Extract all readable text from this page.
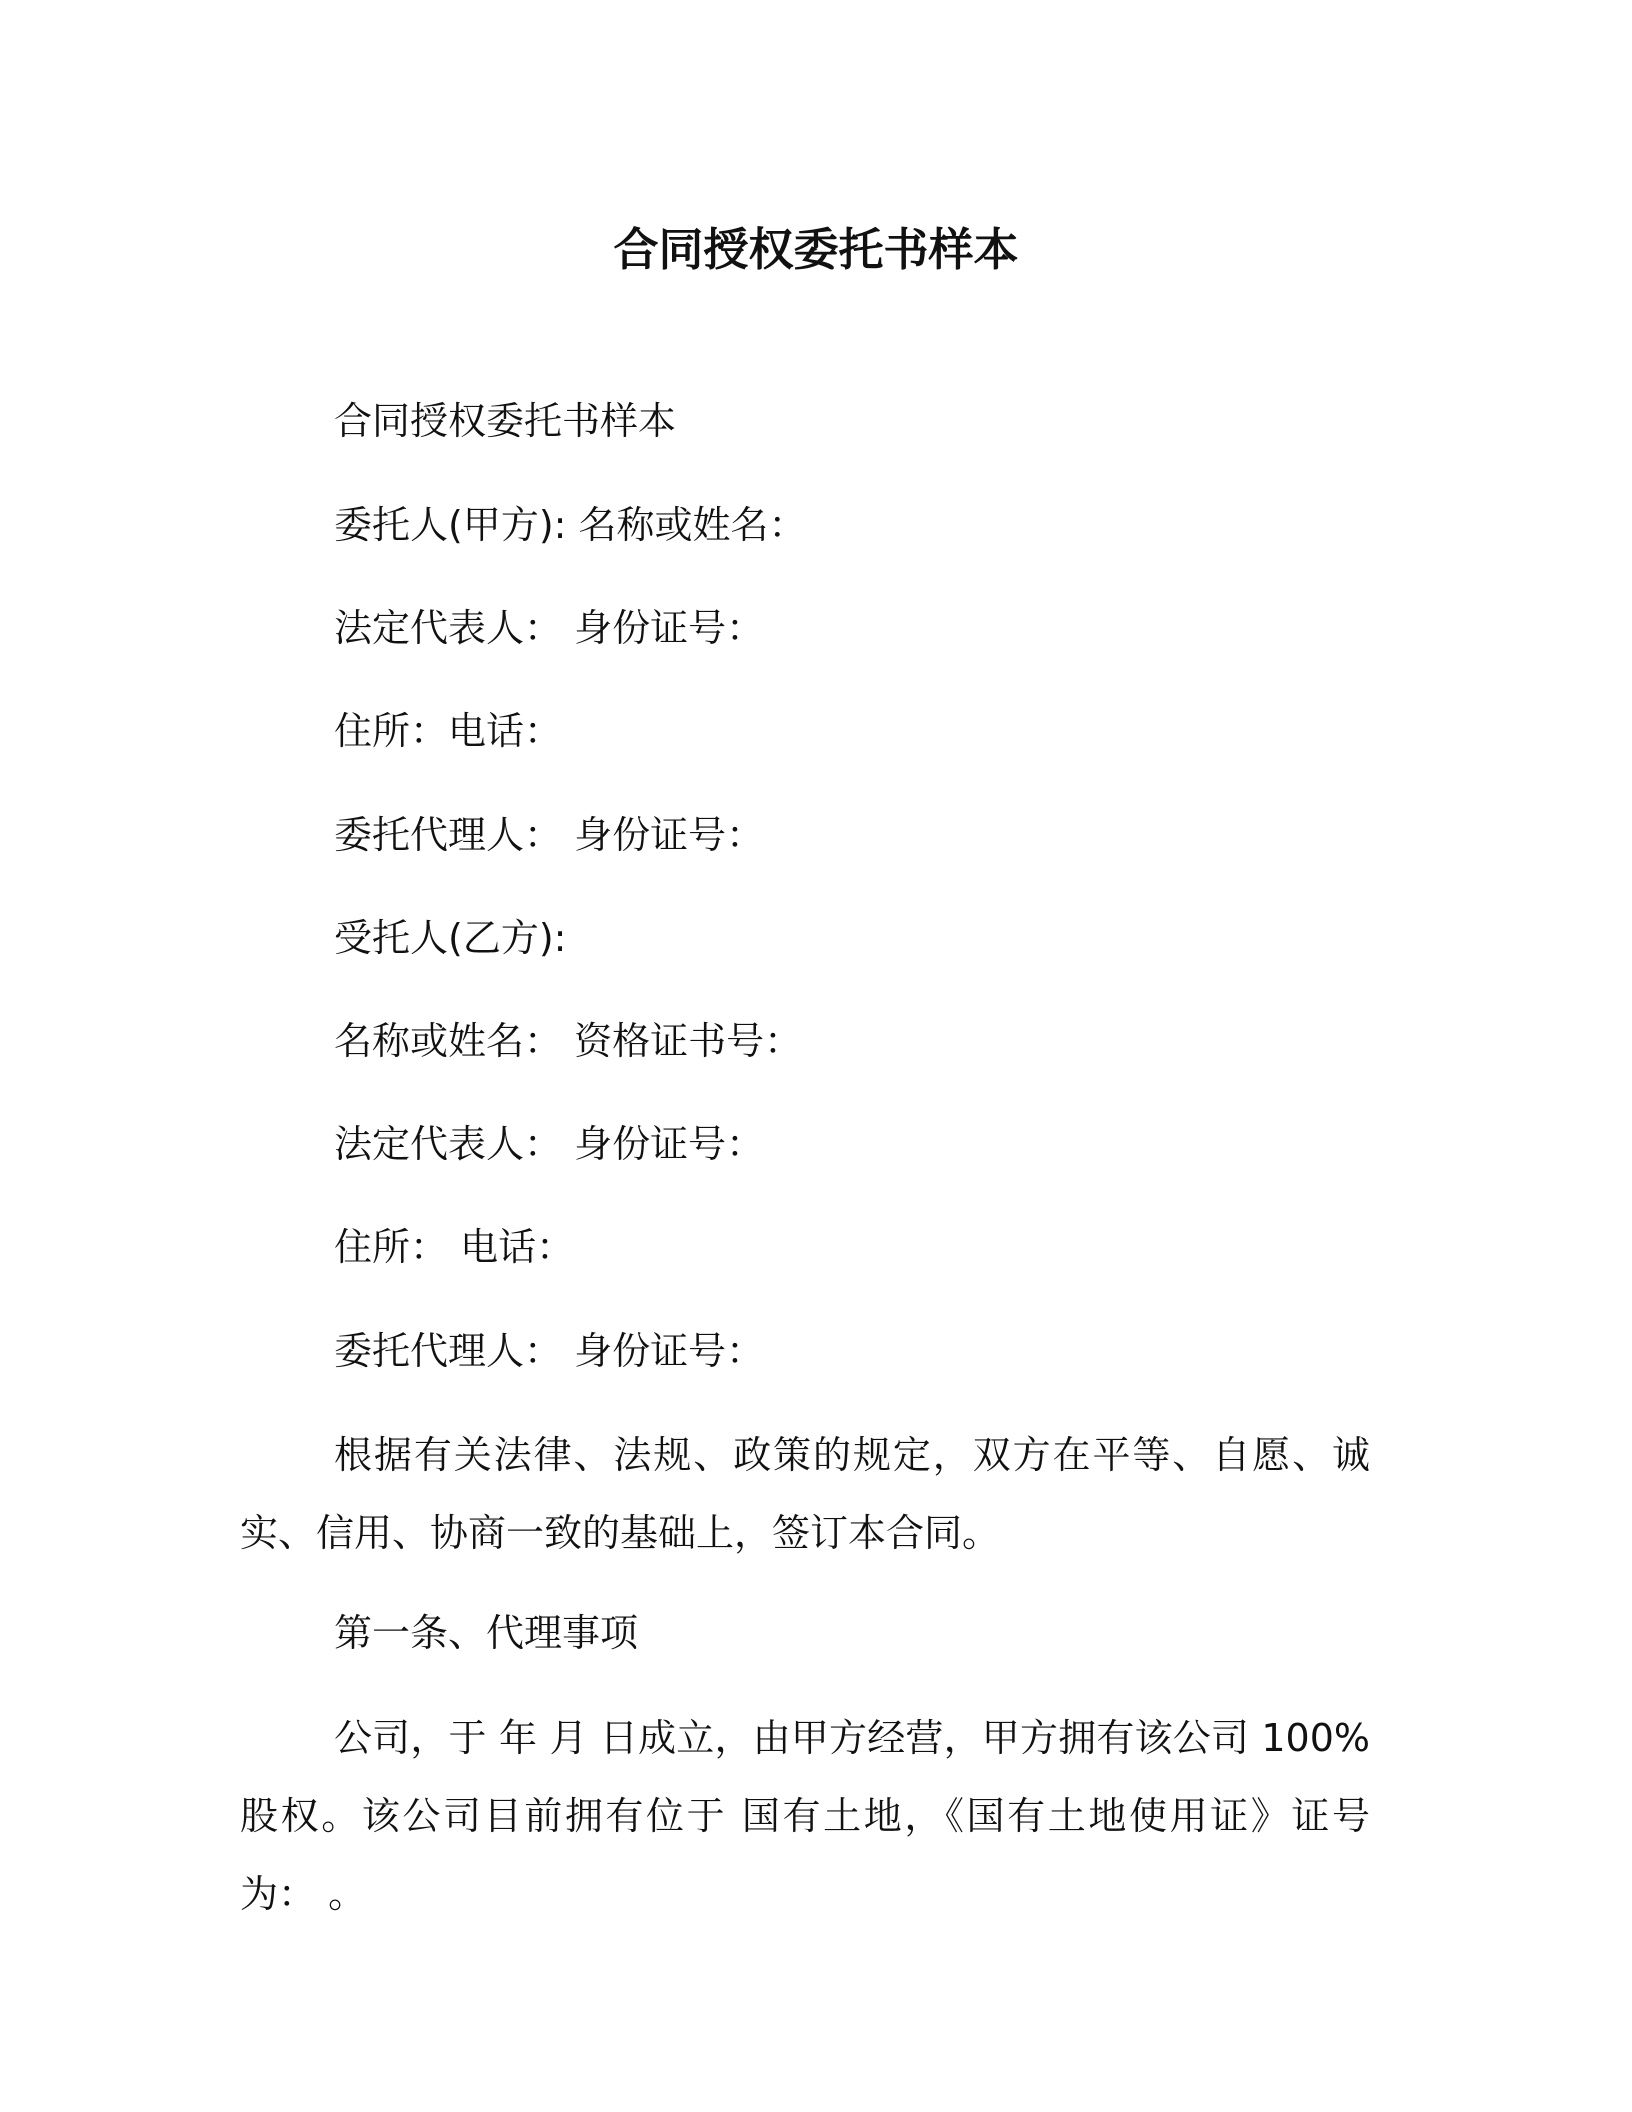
合同授权委托书样本
合同授权委托书样本
委托人(甲方): 名称或姓名：
法定代表人： 身份证号：
住所：电话：
委托代理人： 身份证号：
受托人(乙方):
名称或姓名： 资格证书号：
法定代表人： 身份证号：
住所： 电话：
委托代理人： 身份证号：
根据有关法律、法规、政策的规定，双方在平等、自愿、诚实、信用、协商一致的基础上，签订本合同。
第一条、代理事项
公司，于 年 月 日成立，由甲方经营，甲方拥有该公司 100%股权。该公司目前拥有位于 国有土地，《国有土地使用证》证号为： 。
